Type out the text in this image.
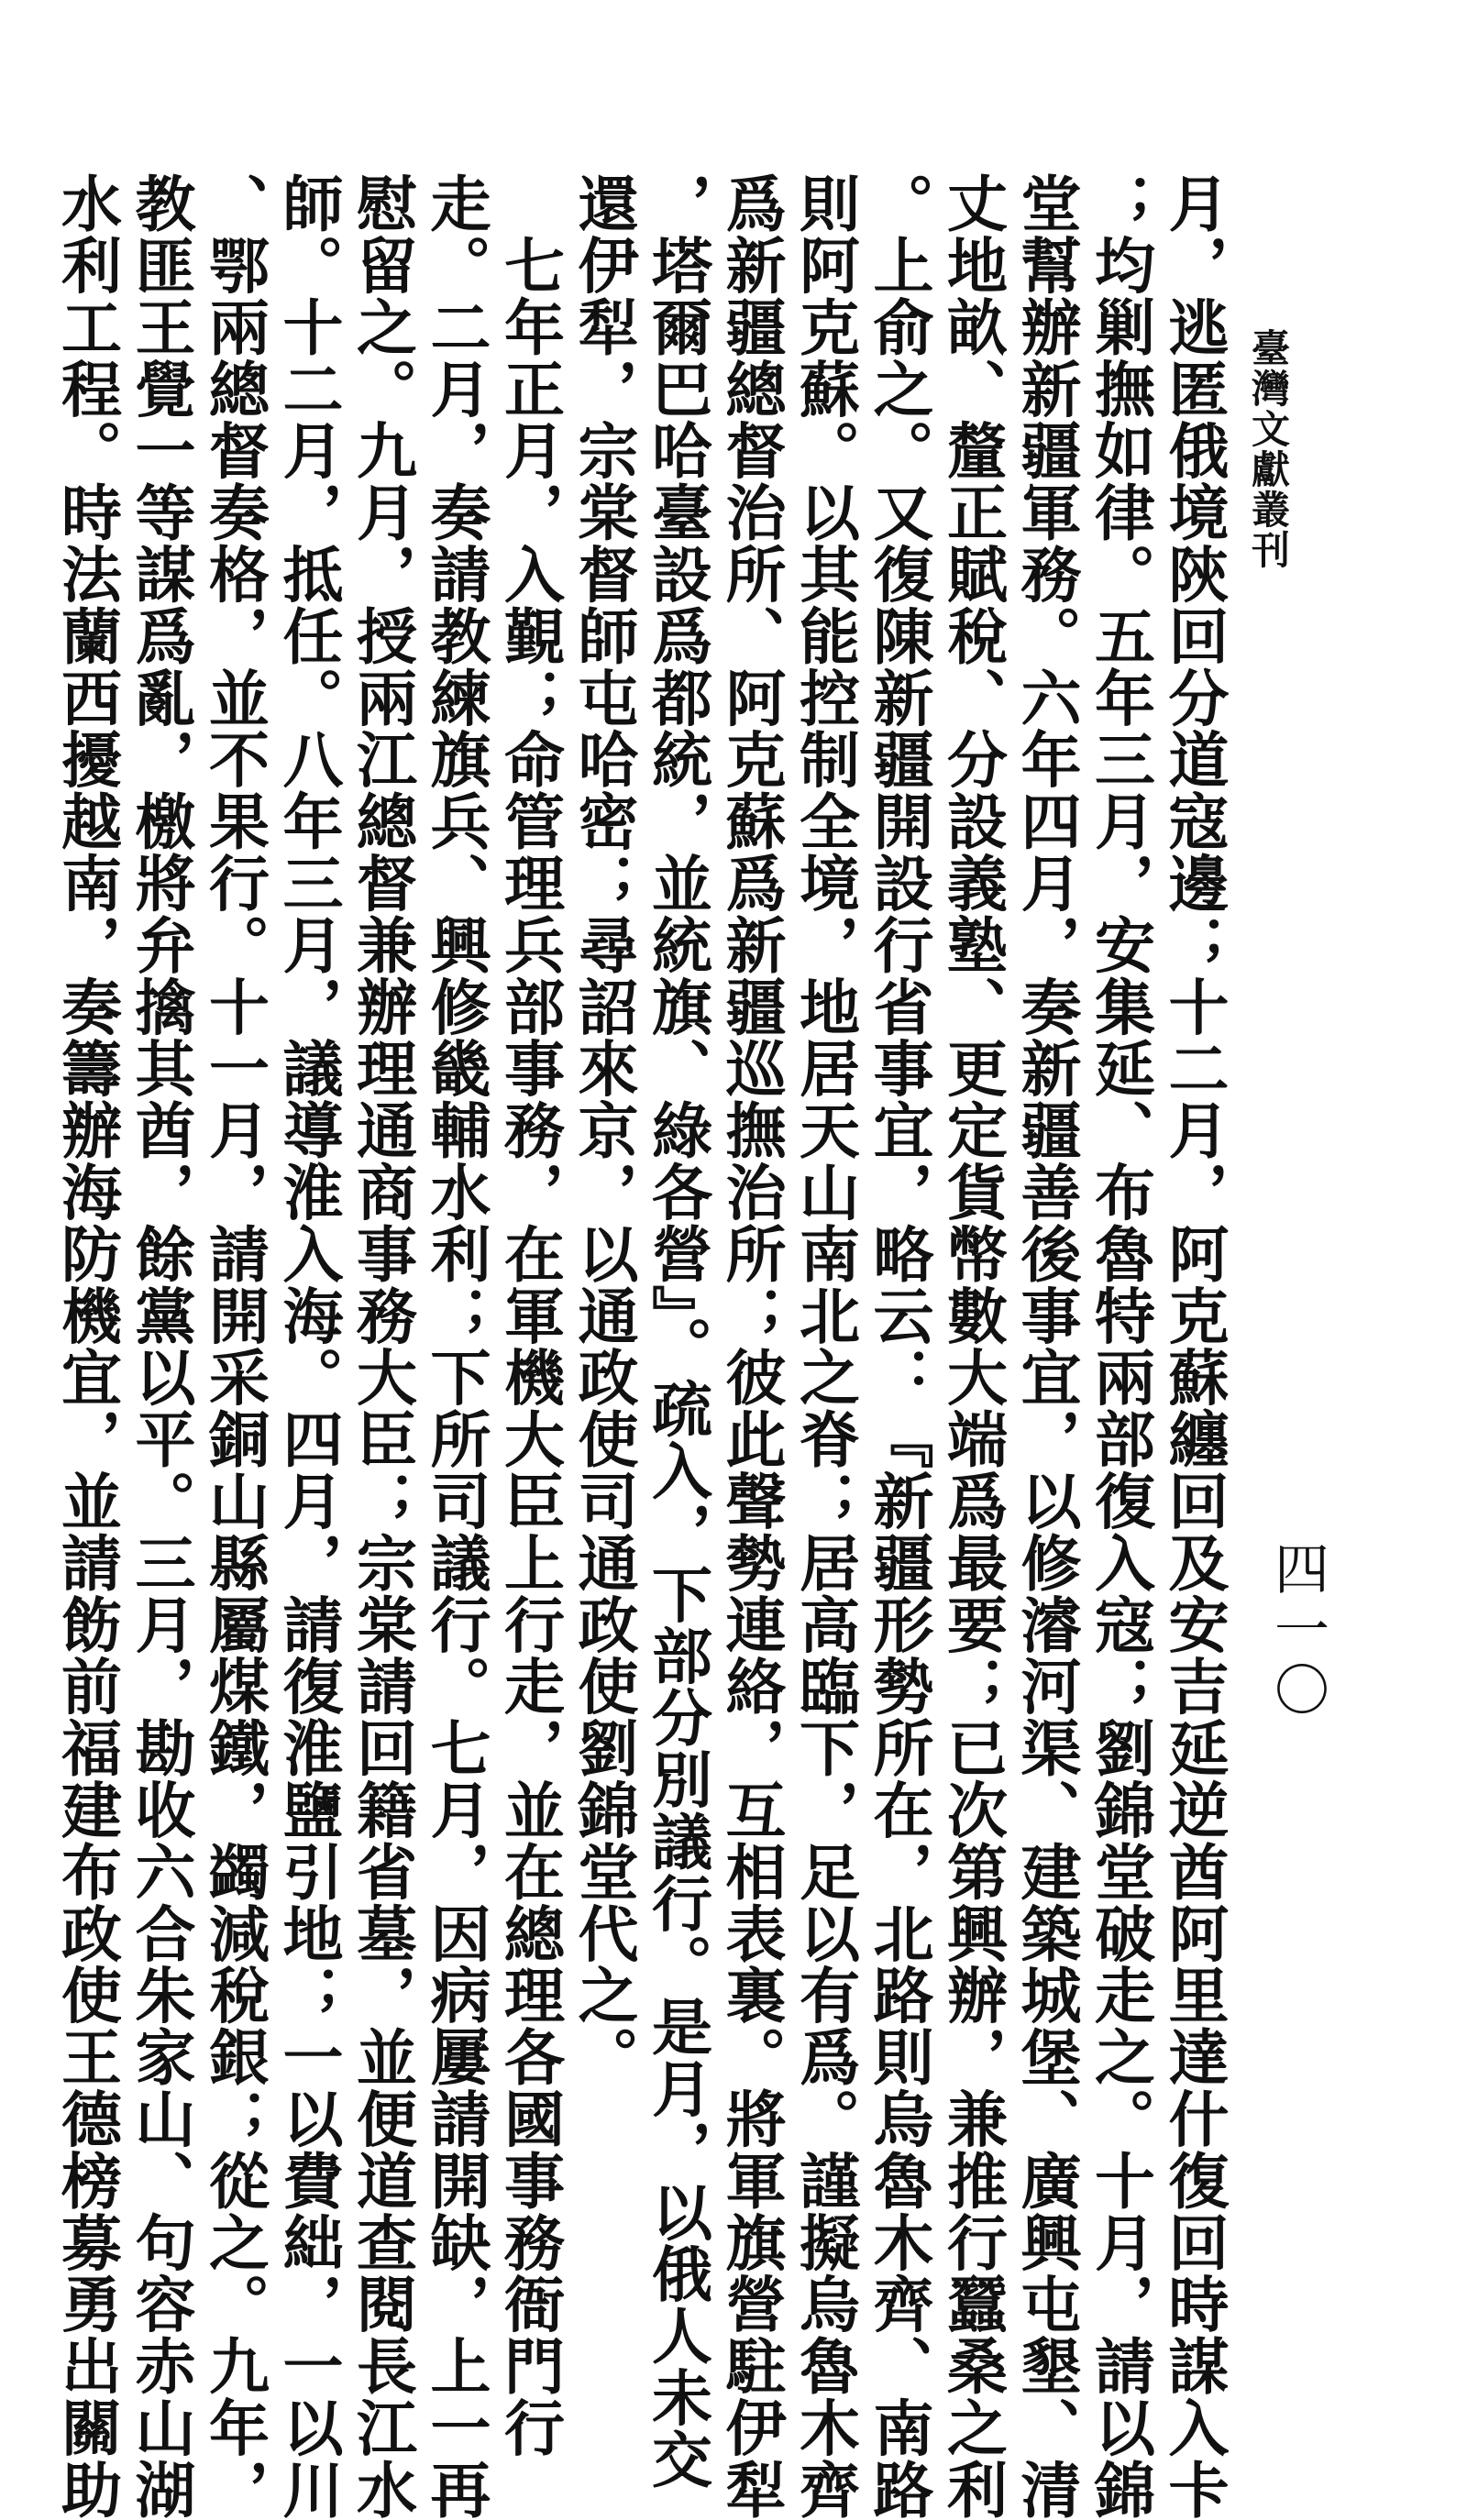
臺灣文獻叢刊
四一〇
月，逃匿俄境陝回分道寇邊；十二月，阿克蘇纏回及安吉延逆酋阿里達什復回時謀入卡
；均剿撫如律。五年三月，安集延、布魯特兩部復入寇；劉錦堂破走之。十月，請以錦
堂幫辦新疆軍務。六年四月，奏新疆善後事宜，以修濬河渠、建築城堡、廣興屯墾、清
丈地畝、釐正賦稅、分設義塾、更定貨幣數大端爲最要；已次第興辦，兼推行蠶桑之利
。上俞之。又復陳新疆開設行省事宜，略云：『新疆形勢所在，北路則烏魯木齊、南路
則阿克蘇。以其能控制全境，地居天山南北之脊；居高臨下，足以有爲。謹擬烏魯木齊
爲新疆總督治所、阿克蘇爲新疆巡撫治所；彼此聲勢連絡，互相表裏。將軍旗營駐伊犁
，塔爾巴哈臺設爲都統，並統旗、綠各營』。疏入，下部分別議行。是月，以俄人未交
還伊犁，宗棠督師屯哈密；尋詔來京，以通政使司通政使劉錦堂代之。
　七年正月，入覲；命管理兵部事務，在軍機大臣上行走，並在總理各國事務衙門行
走。二月，奏請教練旗兵、興修畿輔水利；下所司議行。七月，因病屢請開缺，上一再
慰留之。九月，授兩江總督兼辦理通商事務大臣；宗棠請回籍省墓，並便道查閱長江水
師。十二月，抵任。八年三月，議導淮入海。四月，請復淮鹽引地；一以費絀，一以川
、鄂兩總督奏格，並不果行。十一月，請開采銅山縣屬煤鐵，蠲減稅銀；從之。九年，
教匪王覺一等謀爲亂，檄將弁擒其酋，餘黨以平。三月，勘收六合朱家山、句容赤山湖
水利工程。時法蘭西擾越南，奏籌辦海防機宜，並請飭前福建布政使王德榜募勇出關助
